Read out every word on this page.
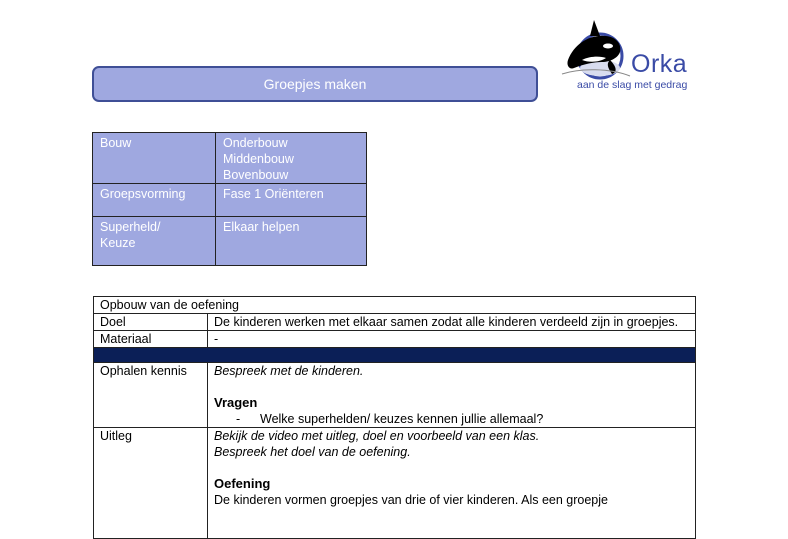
Orka
aan de slag met gedrag
Groepjes maken
Bouw	Onderbouw
Middenbouw
Bovenbouw

Groepsvorming	Fase 1 Oriënteren

Superheld/
Keuze	Elkaar helpen
Opbouw van de oefening	
Doel	De kinderen werken met elkaar samen zodat alle kinderen verdeeld zijn in groepjes.
Materiaal	-

Ophalen kennis	Bespreek met de kinderen.
Vragen
- Welke superhelden/ keuzes kennen jullie allemaal?

Uitleg	Bekijk de video met uitleg, doel en voorbeeld van een klas.
Bespreek het doel van de oefening.
Oefening
De kinderen vormen groepjes van drie of vier kinderen. Als een groepje
